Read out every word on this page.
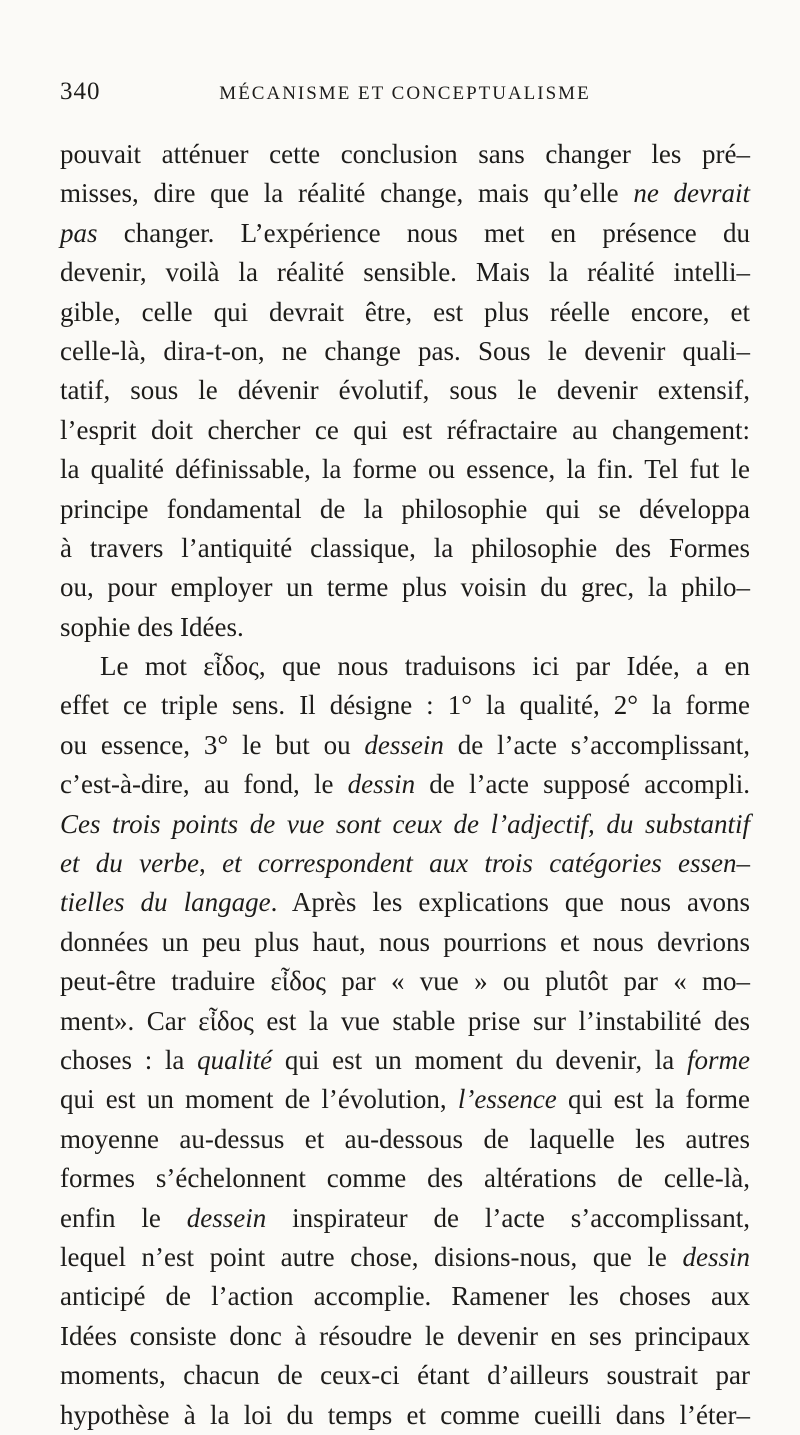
340	MÉCANISME ET CONCEPTUALISME
pouvait atténuer cette conclusion sans changer les pré–
misses, dire que la réalité change, mais qu’elle ne devrait
pas changer. L’expérience nous met en présence du
devenir, voilà la réalité sensible. Mais la réalité intelli–
gible, celle qui devrait être, est plus réelle encore, et
celle-là, dira-t-on, ne change pas. Sous le devenir quali–
tatif, sous le dévenir évolutif, sous le devenir extensif,
l’esprit doit chercher ce qui est réfractaire au changement:
la qualité définissable, la forme ou essence, la fin. Tel fut le
principe fondamental de la philosophie qui se développa
à travers l’antiquité classique, la philosophie des Formes
ou, pour employer un terme plus voisin du grec, la philo–
sophie des Idées.
Le mot εἶδος, que nous traduisons ici par Idée, a en
effet ce triple sens. Il désigne : 1° la qualité, 2° la forme
ou essence, 3° le but ou dessein de l’acte s’accomplissant,
c’est-à-dire, au fond, le dessin de l’acte supposé accompli.
Ces trois points de vue sont ceux de l’adjectif, du substantif
et du verbe, et correspondent aux trois catégories essen–
tielles du langage. Après les explications que nous avons
données un peu plus haut, nous pourrions et nous devrions
peut-être traduire εἶδος par « vue » ou plutôt par « mo–
ment». Car εἶδος est la vue stable prise sur l’instabilité des
choses : la qualité qui est un moment du devenir, la forme
qui est un moment de l’évolution, l’essence qui est la forme
moyenne au-dessus et au-dessous de laquelle les autres
formes s’échelonnent comme des altérations de celle-là,
enfin le dessein inspirateur de l’acte s’accomplissant,
lequel n’est point autre chose, disions-nous, que le dessin
anticipé de l’action accomplie. Ramener les choses aux
Idées consiste donc à résoudre le devenir en ses principaux
moments, chacun de ceux-ci étant d’ailleurs soustrait par
hypothèse à la loi du temps et comme cueilli dans l’éter–
